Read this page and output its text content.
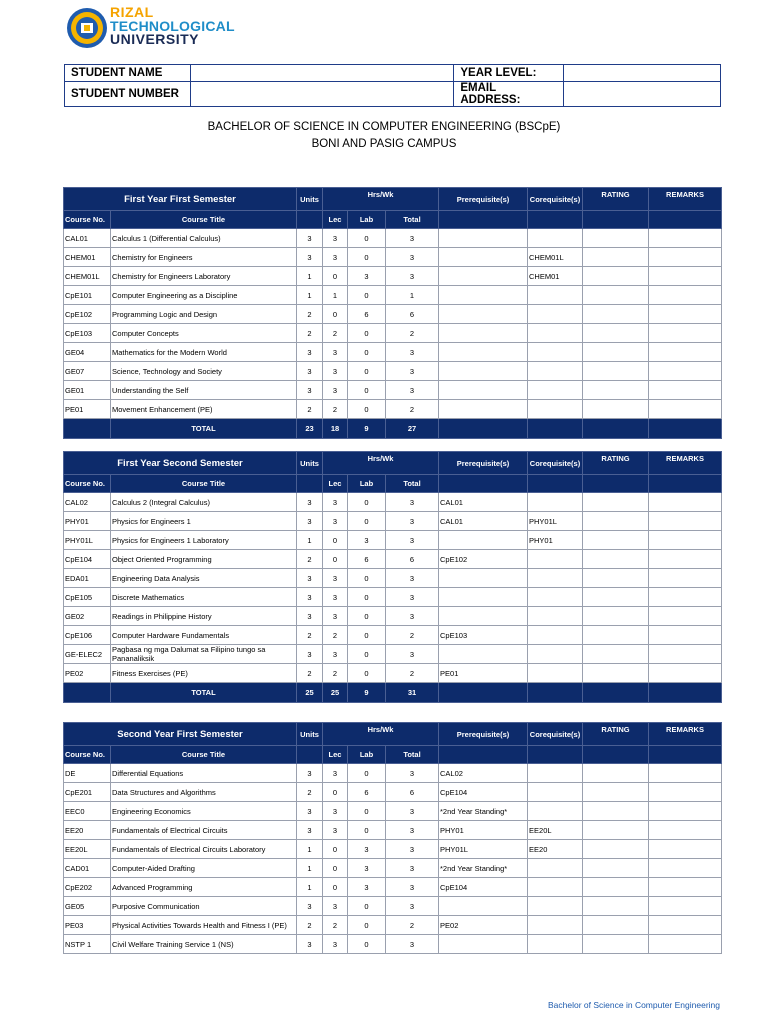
RIZAL
TECHNOLOGICAL
UNIVERSITY
STUDENT NAME		YEAR LEVEL:	
STUDENT NUMBER		EMAIL ADDRESS:	
BACHELOR OF SCIENCE IN COMPUTER ENGINEERING (BSCpE)
BONI AND PASIG CAMPUS
First Year First Semester		Units	Hrs/Wk			Prerequisite(s)	Corequisite(s)	RATING	REMARKS
Course No.	Course Title		Lec	Lab	Total				
CAL01	Calculus 1 (Differential Calculus)	3	3	0	3				
CHEM01	Chemistry for Engineers	3	3	0	3		CHEM01L		
CHEM01L	Chemistry for Engineers Laboratory	1	0	3	3		CHEM01		
CpE101	Computer Engineering as a Discipline	1	1	0	1				
CpE102	Programming Logic and Design	2	0	6	6				
CpE103	Computer Concepts	2	2	0	2				
GE04	Mathematics for the Modern World	3	3	0	3				
GE07	Science, Technology and Society	3	3	0	3				
GE01	Understanding the Self	3	3	0	3				
PE01	Movement Enhancement (PE)	2	2	0	2				
	TOTAL	23	18	9	27				
First Year Second Semester		Units	Hrs/Wk			Prerequisite(s)	Corequisite(s)	RATING	REMARKS
Course No.	Course Title		Lec	Lab	Total				
CAL02	Calculus 2 (Integral Calculus)	3	3	0	3	CAL01			
PHY01	Physics for Engineers 1	3	3	0	3	CAL01	PHY01L		
PHY01L	Physics for Engineers 1 Laboratory	1	0	3	3		PHY01		
CpE104	Object Oriented Programming	2	0	6	6	CpE102			
EDA01	Engineering Data Analysis	3	3	0	3				
CpE105	Discrete Mathematics	3	3	0	3				
GE02	Readings in Philippine History	3	3	0	3				
CpE106	Computer Hardware Fundamentals	2	2	0	2	CpE103			
GE-ELEC2	Pagbasa ng mga Dalumat sa Filipino tungo sa Pananaliksik	3	3	0	3				
PE02	Fitness Exercises (PE)	2	2	0	2	PE01			
	TOTAL	25	25	9	31				
Second Year First Semester		Units	Hrs/Wk			Prerequisite(s)	Corequisite(s)	RATING	REMARKS
Course No.	Course Title		Lec	Lab	Total				
DE	Differential Equations	3	3	0	3	CAL02			
CpE201	Data Structures and Algorithms	2	0	6	6	CpE104			
EEC0	Engineering Economics	3	3	0	3	*2nd Year Standing*			
EE20	Fundamentals of Electrical Circuits	3	3	0	3	PHY01	EE20L		
EE20L	Fundamentals of Electrical Circuits Laboratory	1	0	3	3	PHY01L	EE20		
CAD01	Computer-Aided Drafting	1	0	3	3	*2nd Year Standing*			
CpE202	Advanced Programming	1	0	3	3	CpE104			
GE05	Purposive Communication	3	3	0	3				
PE03	Physical Activities Towards Health and Fitness I (PE)	2	2	0	2	PE02			
NSTP 1	Civil Welfare Training Service 1 (NS)	3	3	0	3				
Bachelor of Science in Computer Engineering
